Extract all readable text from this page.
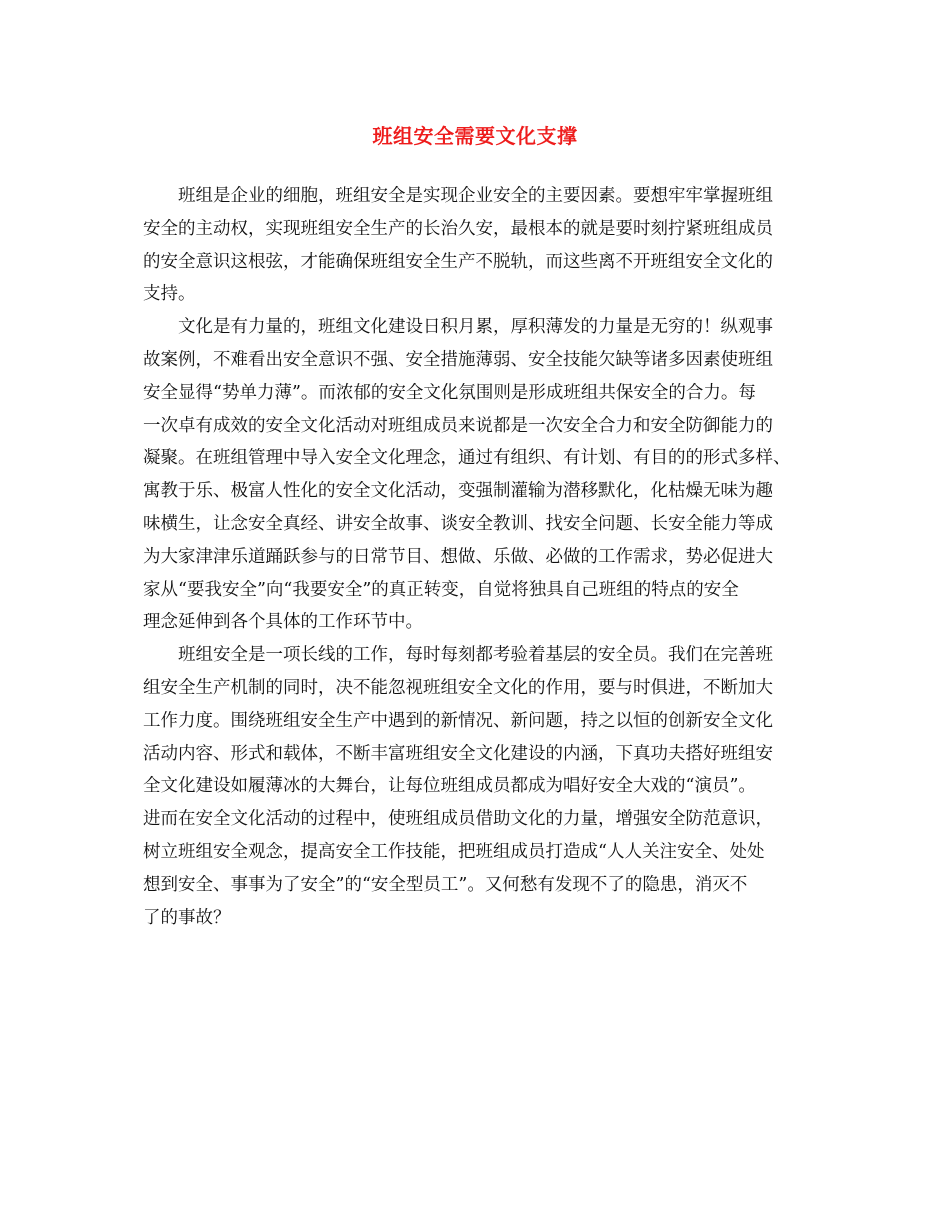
班组安全需要文化支撑

班组是企业的细胞，班组安全是实现企业安全的主要因素。要想牢牢掌握班组
安全的主动权，实现班组安全生产的长治久安，最根本的就是要时刻拧紧班组成员
的安全意识这根弦，才能确保班组安全生产不脱轨，而这些离不开班组安全文化的
支持。

文化是有力量的，班组文化建设日积月累，厚积薄发的力量是无穷的！纵观事
故案例，不难看出安全意识不强、安全措施薄弱、安全技能欠缺等诸多因素使班组
安全显得“势单力薄”。而浓郁的安全文化氛围则是形成班组共保安全的合力。每
一次卓有成效的安全文化活动对班组成员来说都是一次安全合力和安全防御能力的
凝聚。在班组管理中导入安全文化理念，通过有组织、有计划、有目的的形式多样、
寓教于乐、极富人性化的安全文化活动，变强制灌输为潜移默化，化枯燥无味为趣
味横生，让念安全真经、讲安全故事、谈安全教训、找安全问题、长安全能力等成
为大家津津乐道踊跃参与的日常节目、想做、乐做、必做的工作需求，势必促进大
家从“要我安全”向“我要安全”的真正转变，自觉将独具自己班组的特点的安全
理念延伸到各个具体的工作环节中。

班组安全是一项长线的工作，每时每刻都考验着基层的安全员。我们在完善班
组安全生产机制的同时，决不能忽视班组安全文化的作用，要与时俱进，不断加大
工作力度。围绕班组安全生产中遇到的新情况、新问题，持之以恒的创新安全文化
活动内容、形式和载体，不断丰富班组安全文化建设的内涵，下真功夫搭好班组安
全文化建设如履薄冰的大舞台，让每位班组成员都成为唱好安全大戏的“演员”。
进而在安全文化活动的过程中，使班组成员借助文化的力量，增强安全防范意识，
树立班组安全观念，提高安全工作技能，把班组成员打造成“人人关注安全、处处
想到安全、事事为了安全”的“安全型员工”。又何愁有发现不了的隐患，消灭不
了的事故？
